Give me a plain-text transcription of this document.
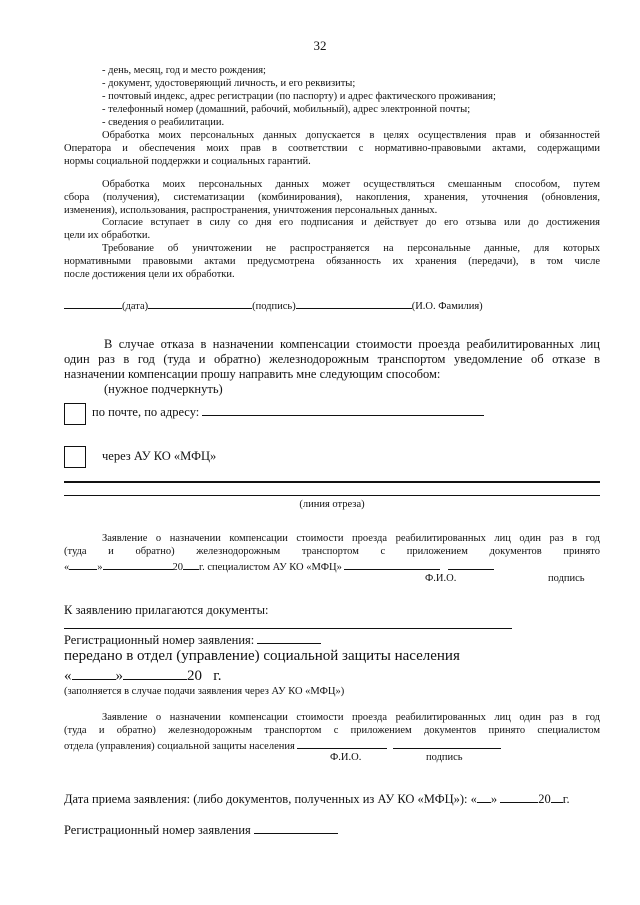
32
- день, месяц, год и место рождения;
- документ, удостоверяющий личность, и его реквизиты;
- почтовый индекс, адрес регистрации (по паспорту) и адрес фактического проживания;
- телефонный номер (домашний, рабочий, мобильный), адрес электронной почты;
- сведения о реабилитации.
Обработка моих персональных данных допускается в целях осуществления прав и обязанностей
Оператора и обеспечения моих прав в соответствии с нормативно-правовыми актами, содержащими
нормы социальной поддержки и социальных гарантий.
Обработка моих персональных данных может осуществляться смешанным способом, путем
сбора (получения), систематизации (комбинирования), накопления, хранения, уточнения (обновления,
изменения), использования, распространения, уничтожения персональных данных.
Согласие вступает в силу со дня его подписания и действует до его отзыва или до достижения
цели их обработки.
Требование об уничтожении не распространяется на персональные данные, для которых
нормативными правовыми актами предусмотрена обязанность их хранения (передачи), в том числе
после достижения цели их обработки.
(дата)	(подпись)	(И.О. Фамилия)
В случае отказа в назначении компенсации стоимости проезда реабилитированных лиц
один раз в год (туда и обратно) железнодорожным транспортом уведомление об отказе в
назначении компенсации прошу направить мне следующим способом:
(нужное подчеркнуть)
по почте, по адресу:
через АУ КО «МФЦ»
(линия отреза)
Заявление о назначении компенсации стоимости проезда реабилитированных лиц один раз в год
(туда и обратно) железнодорожным транспортом с приложением документов принято
«	»	20 г. специалистом АУ КО «МФЦ»
Ф.И.О.	подпись
К заявлению прилагаются документы:
Регистрационный номер заявления:
передано в отдел (управление) социальной защиты населения
«	»	20 г.
(заполняется в случае подачи заявления через АУ КО «МФЦ»)
Заявление о назначении компенсации стоимости проезда реабилитированных лиц один раз в год
(туда и обратно) железнодорожным транспортом с приложением документов принято специалистом
отдела (управления) социальной защиты населения
Ф.И.О.	подпись
Дата приема заявления: (либо документов, полученных из АУ КО «МФЦ»): « »	20 г.
Регистрационный номер заявления
